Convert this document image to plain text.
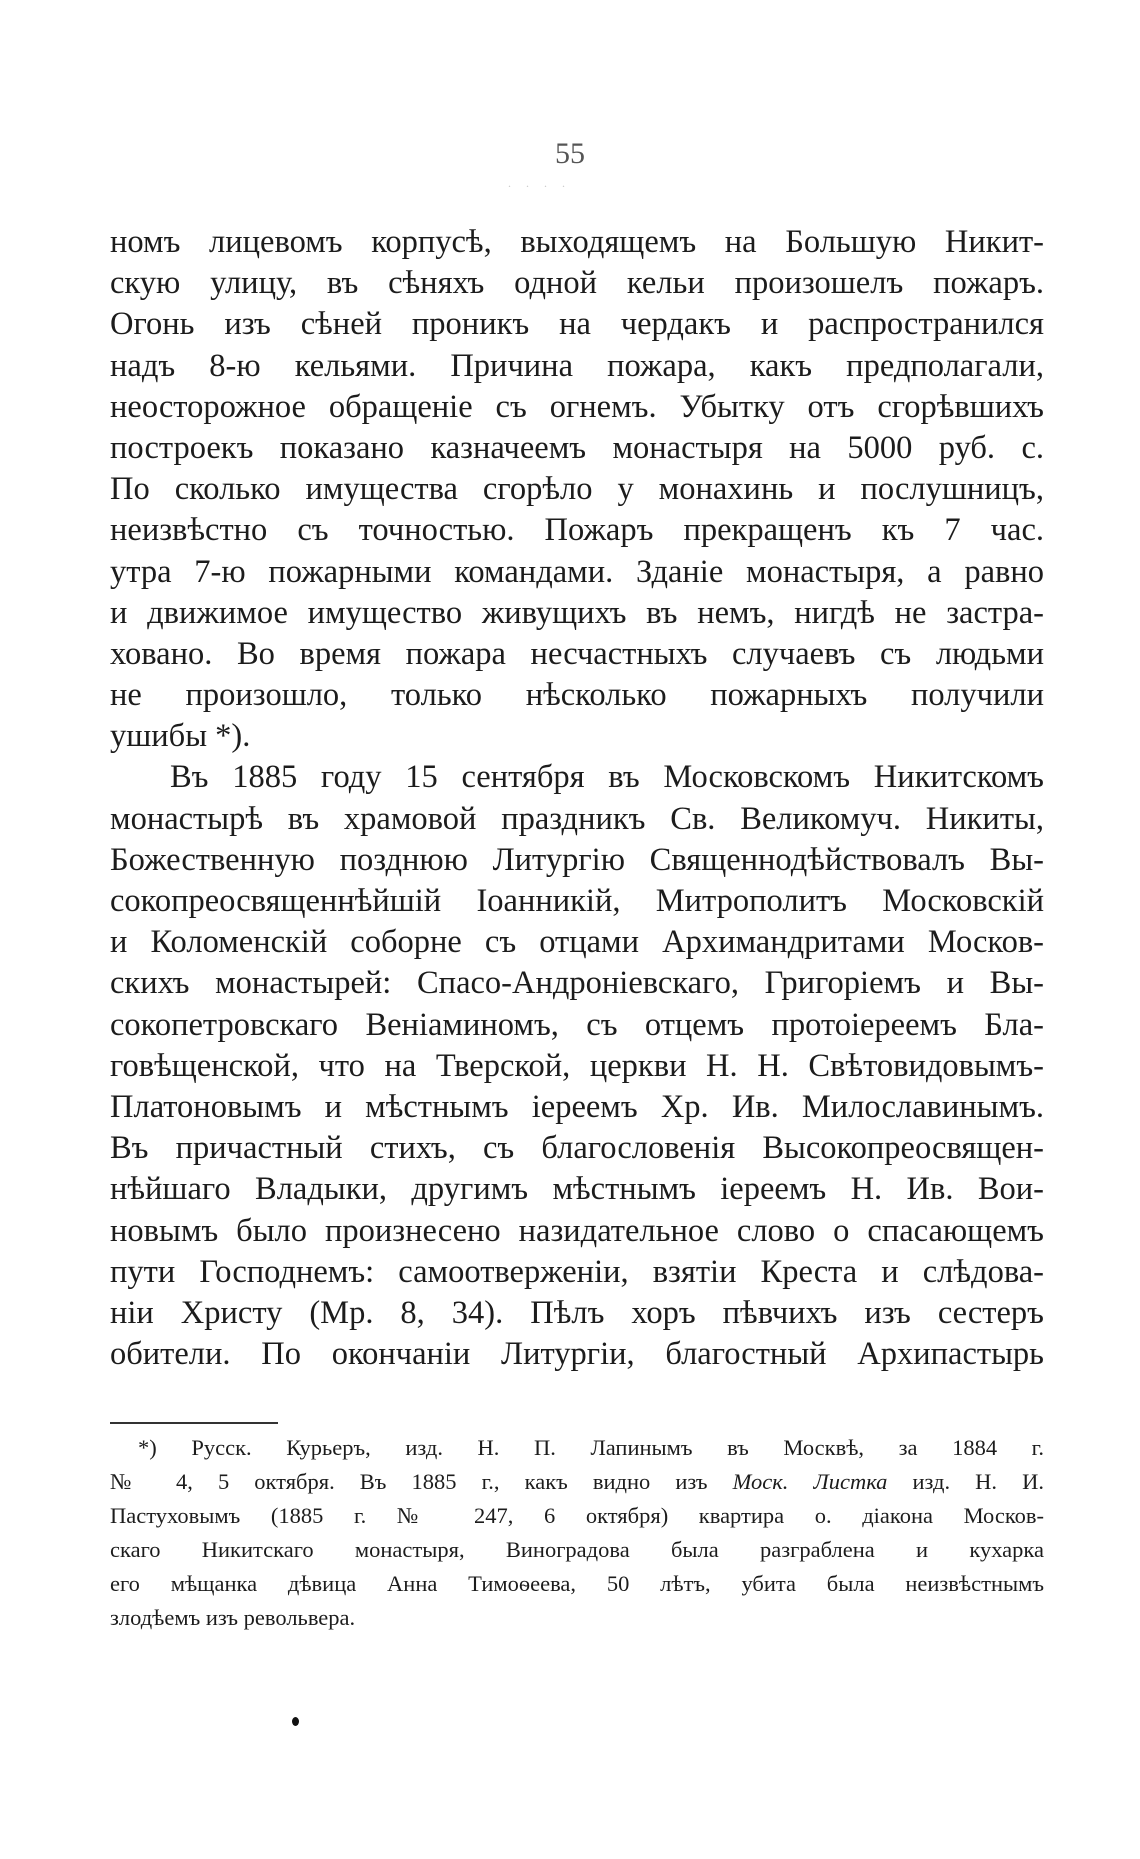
55
. . . .
номъ лицевомъ корпусѣ, выходящемъ на Большую Никит-
скую улицу, въ сѣняхъ одной кельи произошелъ пожаръ.
Огонь изъ сѣней проникъ на чердакъ и распространился
надъ 8-ю кельями. Причина пожара, какъ предполагали,
неосторожное обращеніе съ огнемъ. Убытку отъ сгорѣвшихъ
построекъ показано казначеемъ монастыря на 5000 руб. с.
По сколько имущества сгорѣло у монахинь и послушницъ,
неизвѣстно съ точностью. Пожаръ прекращенъ къ 7 час.
утра 7-ю пожарными командами. Зданіе монастыря, а равно
и движимое имущество живущихъ въ немъ, нигдѣ не застра-
ховано. Во время пожара несчастныхъ случаевъ съ людьми
не произошло, только нѣсколько пожарныхъ получили
ушибы *).
Въ 1885 году 15 сентября въ Московскомъ Никитскомъ
монастырѣ въ храмовой праздникъ Св. Великомуч. Никиты,
Божественную позднюю Литургію Священнодѣйствовалъ Вы-
сокопреосвященнѣйшій Іоанникій, Митрополитъ Московскій
и Коломенскій соборне съ отцами Архимандритами Москов-
скихъ монастырей: Спасо-Андроніевскаго, Григоріемъ и Вы-
сокопетровскаго Веніаминомъ, съ отцемъ протоіереемъ Бла-
говѣщенской, что на Тверской, церкви Н. Н. Свѣтовидовымъ-
Платоновымъ и мѣстнымъ іереемъ Хр. Ив. Милославинымъ.
Въ причастный стихъ, съ благословенія Высокопреосвящен-
нѣйшаго Владыки, другимъ мѣстнымъ іереемъ Н. Ив. Вои-
новымъ было произнесено назидательное слово о спасающемъ
пути Господнемъ: самоотверженіи, взятіи Креста и слѣдова-
ніи Христу (Мр. 8, 34). Пѣлъ хоръ пѣвчихъ изъ сестеръ
обители. По окончаніи Литургіи, благостный Архипастырь
*) Русск. Курьеръ, изд. Н. П. Лапинымъ въ Москвѣ, за 1884 г.
№ 4, 5 октября. Въ 1885 г., какъ видно изъ Моск. Листка изд. Н. И.
Пастуховымъ (1885 г. № 247, 6 октября) квартира о. діакона Москов-
скаго Никитскаго монастыря, Виноградова была разграблена и кухарка
его мѣщанка дѣвица Анна Тимоѳеева, 50 лѣтъ, убита была неизвѣстнымъ
злодѣемъ изъ револьвера.
